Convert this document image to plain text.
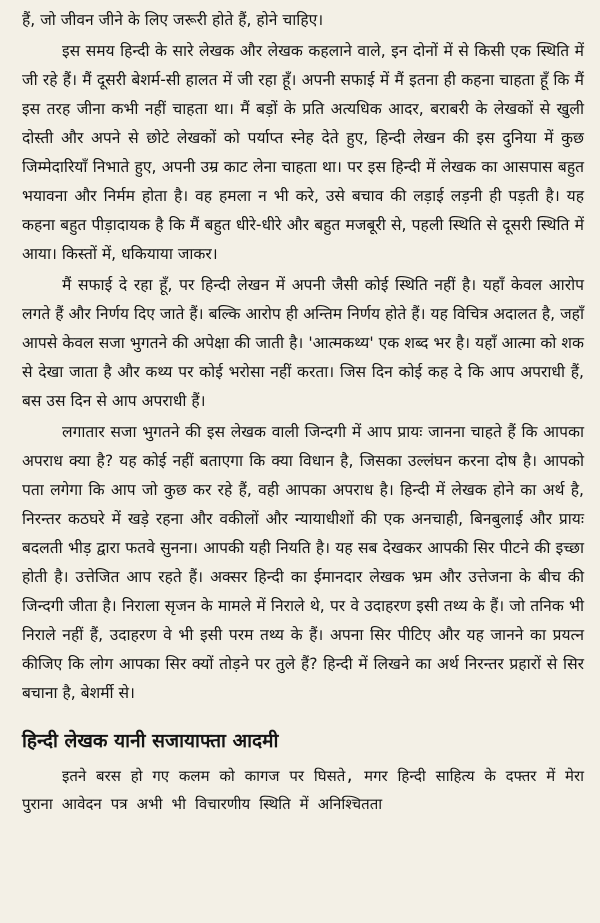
हैं, जो जीवन जीने के लिए जरूरी होते हैं, होने चाहिए।

इस समय हिन्दी के सारे लेखक और लेखक कहलाने वाले, इन दोनों में से किसी एक स्थिति में जी रहे हैं। मैं दूसरी बेशर्म-सी हालत में जी रहा हूँ। अपनी सफाई में मैं इतना ही कहना चाहता हूँ कि मैं इस तरह जीना कभी नहीं चाहता था। मैं बड़ों के प्रति अत्यधिक आदर, बराबरी के लेखकों से खुली दोस्ती और अपने से छोटे लेखकों को पर्याप्त स्नेह देते हुए, हिन्दी लेखन की इस दुनिया में कुछ जिम्मेदारियाँ निभाते हुए, अपनी उम्र काट लेना चाहता था। पर इस हिन्दी में लेखक का आसपास बहुत भयावना और निर्मम होता है। वह हमला न भी करे, उसे बचाव की लड़ाई लड़नी ही पड़ती है। यह कहना बहुत पीड़ादायक है कि मैं बहुत धीरे-धीरे और बहुत मजबूरी से, पहली स्थिति से दूसरी स्थिति में आया। किस्तों में, धकियाया जाकर।

मैं सफाई दे रहा हूँ, पर हिन्दी लेखन में अपनी जैसी कोई स्थिति नहीं है। यहाँ केवल आरोप लगते हैं और निर्णय दिए जाते हैं। बल्कि आरोप ही अन्तिम निर्णय होते हैं। यह विचित्र अदालत है, जहाँ आपसे केवल सजा भुगतने की अपेक्षा की जाती है। 'आत्मकथ्य' एक शब्द भर है। यहाँ आत्मा को शक से देखा जाता है और कथ्य पर कोई भरोसा नहीं करता। जिस दिन कोई कह दे कि आप अपराधी हैं, बस उस दिन से आप अपराधी हैं।

लगातार सजा भुगतने की इस लेखक वाली जिन्दगी में आप प्रायः जानना चाहते हैं कि आपका अपराध क्या है? यह कोई नहीं बताएगा कि क्या विधान है, जिसका उल्लंघन करना दोष है। आपको पता लगेगा कि आप जो कुछ कर रहे हैं, वही आपका अपराध है। हिन्दी में लेखक होने का अर्थ है, निरन्तर कठघरे में खड़े रहना और वकीलों और न्यायाधीशों की एक अनचाही, बिनबुलाई और प्रायः बदलती भीड़ द्वारा फतवे सुनना। आपकी यही नियति है। यह सब देखकर आपकी सिर पीटने की इच्छा होती है। उत्तेजित आप रहते हैं। अक्सर हिन्दी का ईमानदार लेखक भ्रम और उत्तेजना के बीच की जिन्दगी जीता है। निराला सृजन के मामले में निराले थे, पर वे उदाहरण इसी तथ्य के हैं। जो तनिक भी निराले नहीं हैं, उदाहरण वे भी इसी परम तथ्य के हैं। अपना सिर पीटिए और यह जानने का प्रयत्न कीजिए कि लोग आपका सिर क्यों तोड़ने पर तुले हैं? हिन्दी में लिखने का अर्थ निरन्तर प्रहारों से सिर बचाना है, बेशर्मी से।

हिन्दी लेखक यानी सजायाफ्ता आदमी

इतने बरस हो गए कलम को कागज पर घिसते, मगर हिन्दी साहित्य के दफ्तर में मेरा पुराना आवेदन पत्र अभी भी विचारणीय स्थिति में अनिश्चितता
